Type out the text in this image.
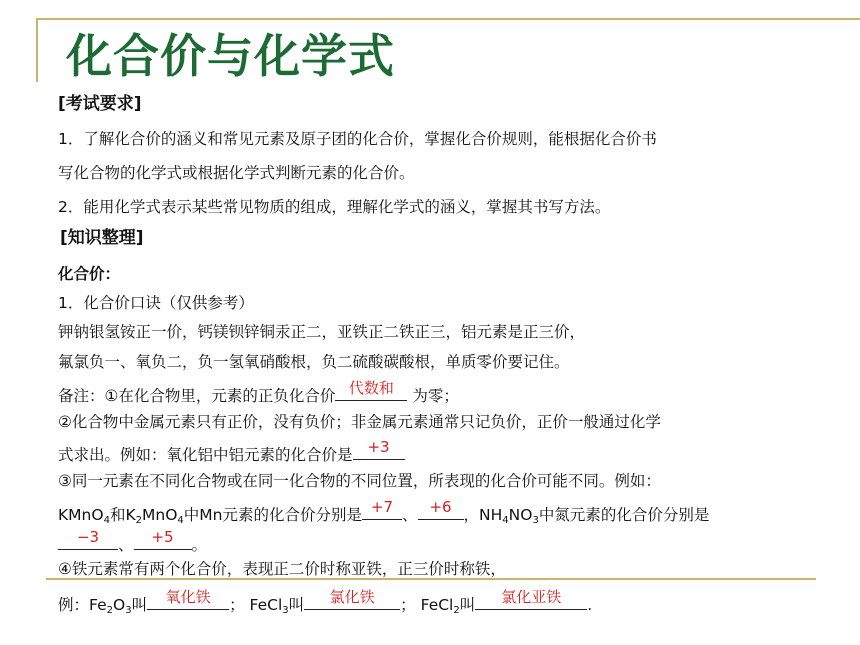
化合价与化学式
[考试要求]
1．了解化合价的涵义和常见元素及原子团的化合价，掌握化合价规则，能根据化合价书
写化合物的化学式或根据化学式判断元素的化合价。
2．能用化学式表示某些常见物质的组成，理解化学式的涵义，掌握其书写方法。
[知识整理]
化合价：
1．化合价口诀（仅供参考）
钾钠银氢铵正一价，钙镁钡锌铜汞正二，亚铁正二铁正三，铝元素是正三价，
氟氯负一、氧负二，负一氢氧硝酸根，负二硫酸碳酸根，单质零价要记住。
备注：①在化合物里，元素的正负化合价 代数和 为零；
②化合物中金属元素只有正价，没有负价；非金属元素通常只记负价，正价一般通过化学
式求出。例如：氧化铝中铝元素的化合价是 +3
③同一元素在不同化合物或在同一化合物的不同位置，所表现的化合价可能不同。例如：
KMnO$_4$和$K_2MnO_4$中Mn元素的化合价分别是 +7 、 +6 ，$NH_4NO_3$中氮元素的化合价分别是
−3	、	+5	。
④铁元素常有两个化合价，表现正二价时称亚铁，正三价时称铁，
例：$Fe_2O_3$叫	氧化铁	； FeCl$_3$叫	氯化铁	； FeCl$_2$叫	氯化亚铁	.
